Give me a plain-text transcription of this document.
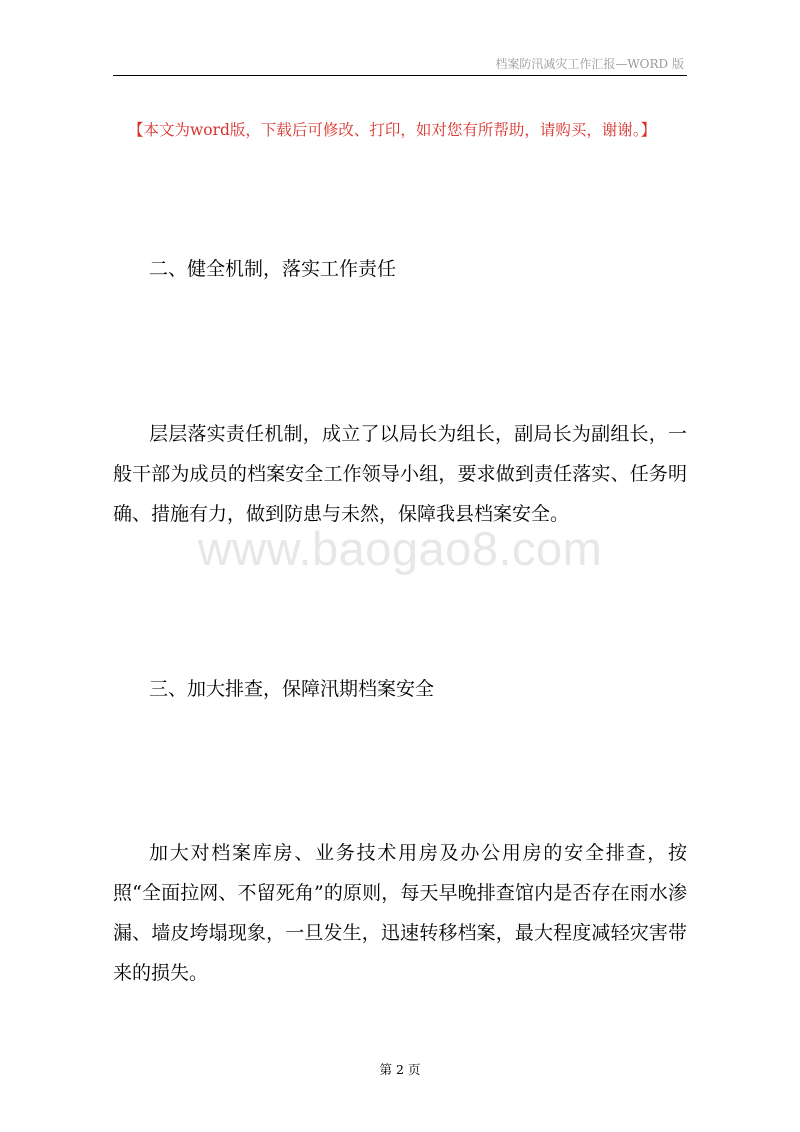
档案防汛减灾工作汇报—WORD 版
【本文为word版，下载后可修改、打印，如对您有所帮助，请购买，谢谢。】
二、健全机制，落实工作责任

层层落实责任机制，成立了以局长为组长，副局长为副组长，一般干部为成员的档案安全工作领导小组，要求做到责任落实、任务明确、措施有力，做到防患与未然，保障我县档案安全。

www.baogao8.com
三、加大排查，保障汛期档案安全

加大对档案库房、业务技术用房及办公用房的安全排查，按照“全面拉网、不留死角”的原则，每天早晚排查馆内是否存在雨水渗漏、墙皮垮塌现象，一旦发生，迅速转移档案，最大程度减轻灾害带来的损失。

第 2 页
